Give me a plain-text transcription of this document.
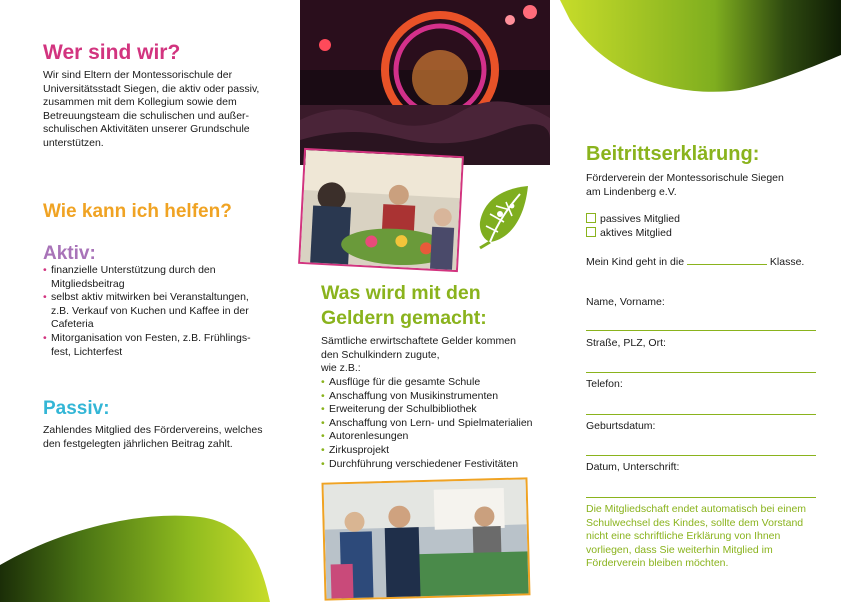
Wer sind wir?
Wir sind Eltern der Montessorischule der Universitätsstadt Siegen, die aktiv oder passiv, zusammen mit dem Kollegium sowie dem Betreuungsteam die schulischen und außer-schulischen Aktivitäten unserer Grundschule unterstützen.
Wie kann ich helfen?
Aktiv:
• finanzielle Unterstützung durch den Mitgliedsbeitrag
• selbst aktiv mitwirken bei Veranstaltungen, z.B. Verkauf von Kuchen und Kaffee in der Cafeteria
• Mitorganisation von Festen, z.B. Frühlings-fest, Lichterfest
Passiv:
Zahlendes Mitglied des Fördervereins, welches den festgelegten jährlichen Beitrag zahlt.
Was wird mit den
Geldern gemacht:
Sämtliche erwirtschaftete Gelder kommen
den Schulkindern zugute,
wie z.B.:
• Ausflüge für die gesamte Schule
• Anschaffung von Musikinstrumenten
• Erweiterung der Schulbibliothek
• Anschaffung von Lern- und Spielmaterialien
• Autorenlesungen
• Zirkusprojekt
• Durchführung verschiedener Festivitäten
Beitrittserklärung:
Förderverein der Montessorischule Siegen
am Lindenberg e.V.
passives Mitglied
aktives Mitglied
Mein Kind geht in die	Klasse.
Name, Vorname:
Straße, PLZ, Ort:
Telefon:
Geburtsdatum:
Datum, Unterschrift:
Die Mitgliedschaft endet automatisch bei einem Schulwechsel des Kindes, sollte dem Vorstand nicht eine schriftliche Erklärung von Ihnen vorliegen, dass Sie weiterhin Mitglied im Förderverein bleiben möchten.
